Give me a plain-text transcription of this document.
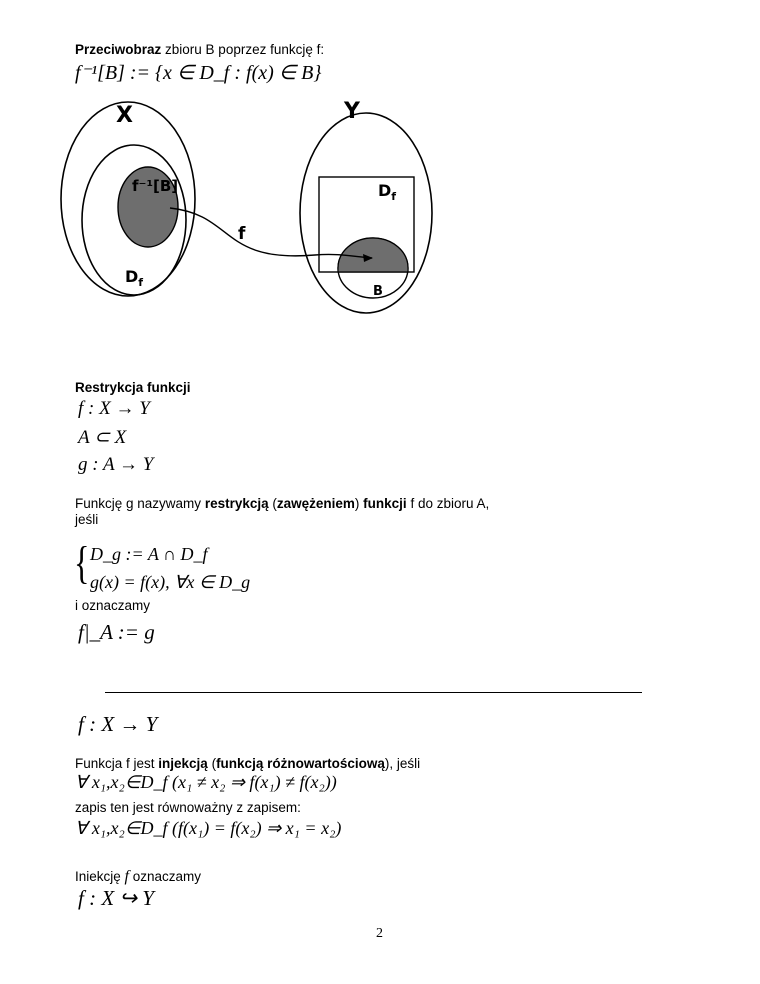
Przeciwobraz zbioru B poprzez funkcję f:
f⁻¹[B] := {x ∈ D_f : f(x) ∈ B}
X	Y
f⁻¹[B]
$D_f$
$D_f$
f
B
Restrykcja funkcji
f : X → Y
A ⊂ X
g : A → Y
Funkcję g nazywamy restrykcją (zawężeniem) funkcji f do zbioru A,
jeśli
{ D_g := A ∩ D_f
g(x) = f(x), ∀x ∈ D_g
i oznaczamy
f|_A := g
f : X → Y
Funkcja f jest injekcją (funkcją różnowartościową), jeśli
∀ x₁,x₂∈D_f (x₁ ≠ x₂ ⇒ f(x₁) ≠ f(x₂))
zapis ten jest równoważny z zapisem:
∀ x₁,x₂∈D_f (f(x₁) = f(x₂) ⇒ x₁ = x₂)
Iniekcję f oznaczamy
f : X ↪ Y
2
